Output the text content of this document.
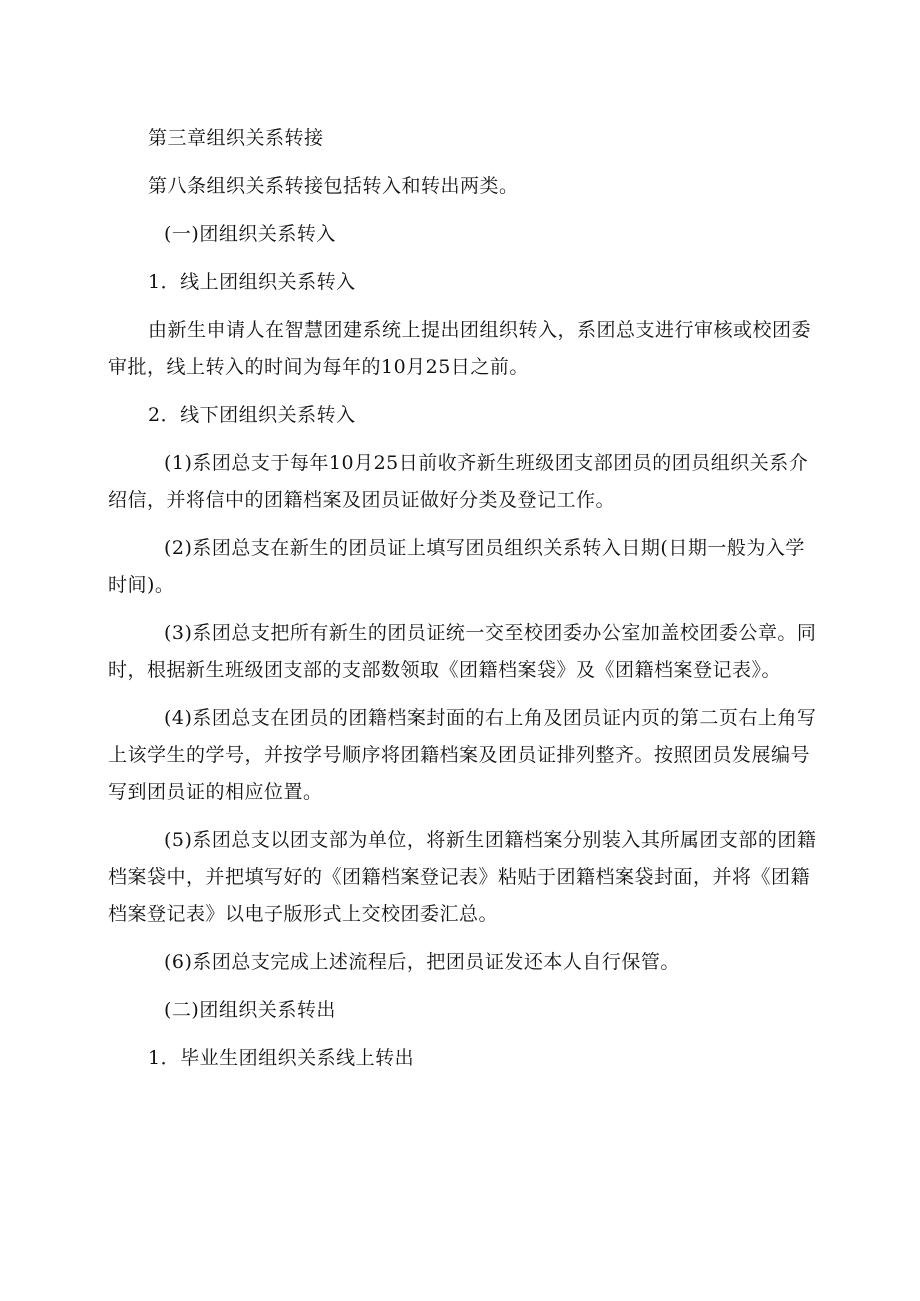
第三章组织关系转接

第八条组织关系转接包括转入和转出两类。

(一)团组织关系转入

1．线上团组织关系转入

由新生申请人在智慧团建系统上提出团组织转入，系团总支进行审核或校团委审批，线上转入的时间为每年的10月25日之前。

2．线下团组织关系转入

(1)系团总支于每年10月25日前收齐新生班级团支部团员的团员组织关系介绍信，并将信中的团籍档案及团员证做好分类及登记工作。

(2)系团总支在新生的团员证上填写团员组织关系转入日期(日期一般为入学时间)。

(3)系团总支把所有新生的团员证统一交至校团委办公室加盖校团委公章。同时，根据新生班级团支部的支部数领取《团籍档案袋》及《团籍档案登记表》。

(4)系团总支在团员的团籍档案封面的右上角及团员证内页的第二页右上角写上该学生的学号，并按学号顺序将团籍档案及团员证排列整齐。按照团员发展编号写到团员证的相应位置。

(5)系团总支以团支部为单位，将新生团籍档案分别装入其所属团支部的团籍档案袋中，并把填写好的《团籍档案登记表》粘贴于团籍档案袋封面，并将《团籍档案登记表》以电子版形式上交校团委汇总。

(6)系团总支完成上述流程后，把团员证发还本人自行保管。

(二)团组织关系转出

1．毕业生团组织关系线上转出
